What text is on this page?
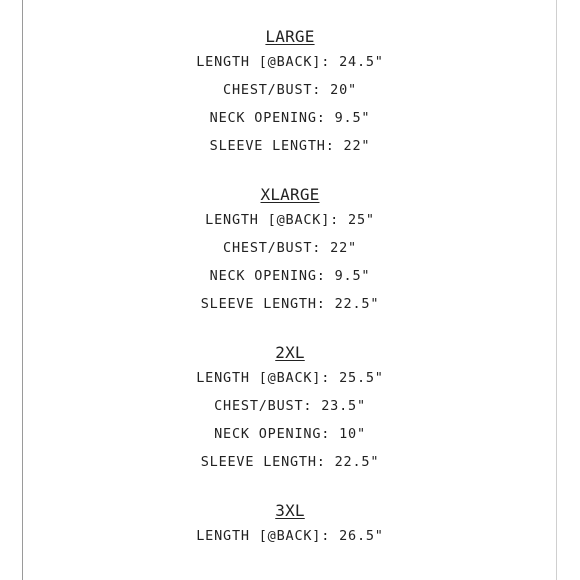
LARGE
LENGTH [@BACK]: 24.5"
CHEST/BUST: 20"
NECK OPENING: 9.5"
SLEEVE LENGTH: 22"
XLARGE
LENGTH [@BACK]: 25"
CHEST/BUST: 22"
NECK OPENING: 9.5"
SLEEVE LENGTH: 22.5"
2XL
LENGTH [@BACK]: 25.5"
CHEST/BUST: 23.5"
NECK OPENING: 10"
SLEEVE LENGTH: 22.5"
3XL
LENGTH [@BACK]: 26.5"
